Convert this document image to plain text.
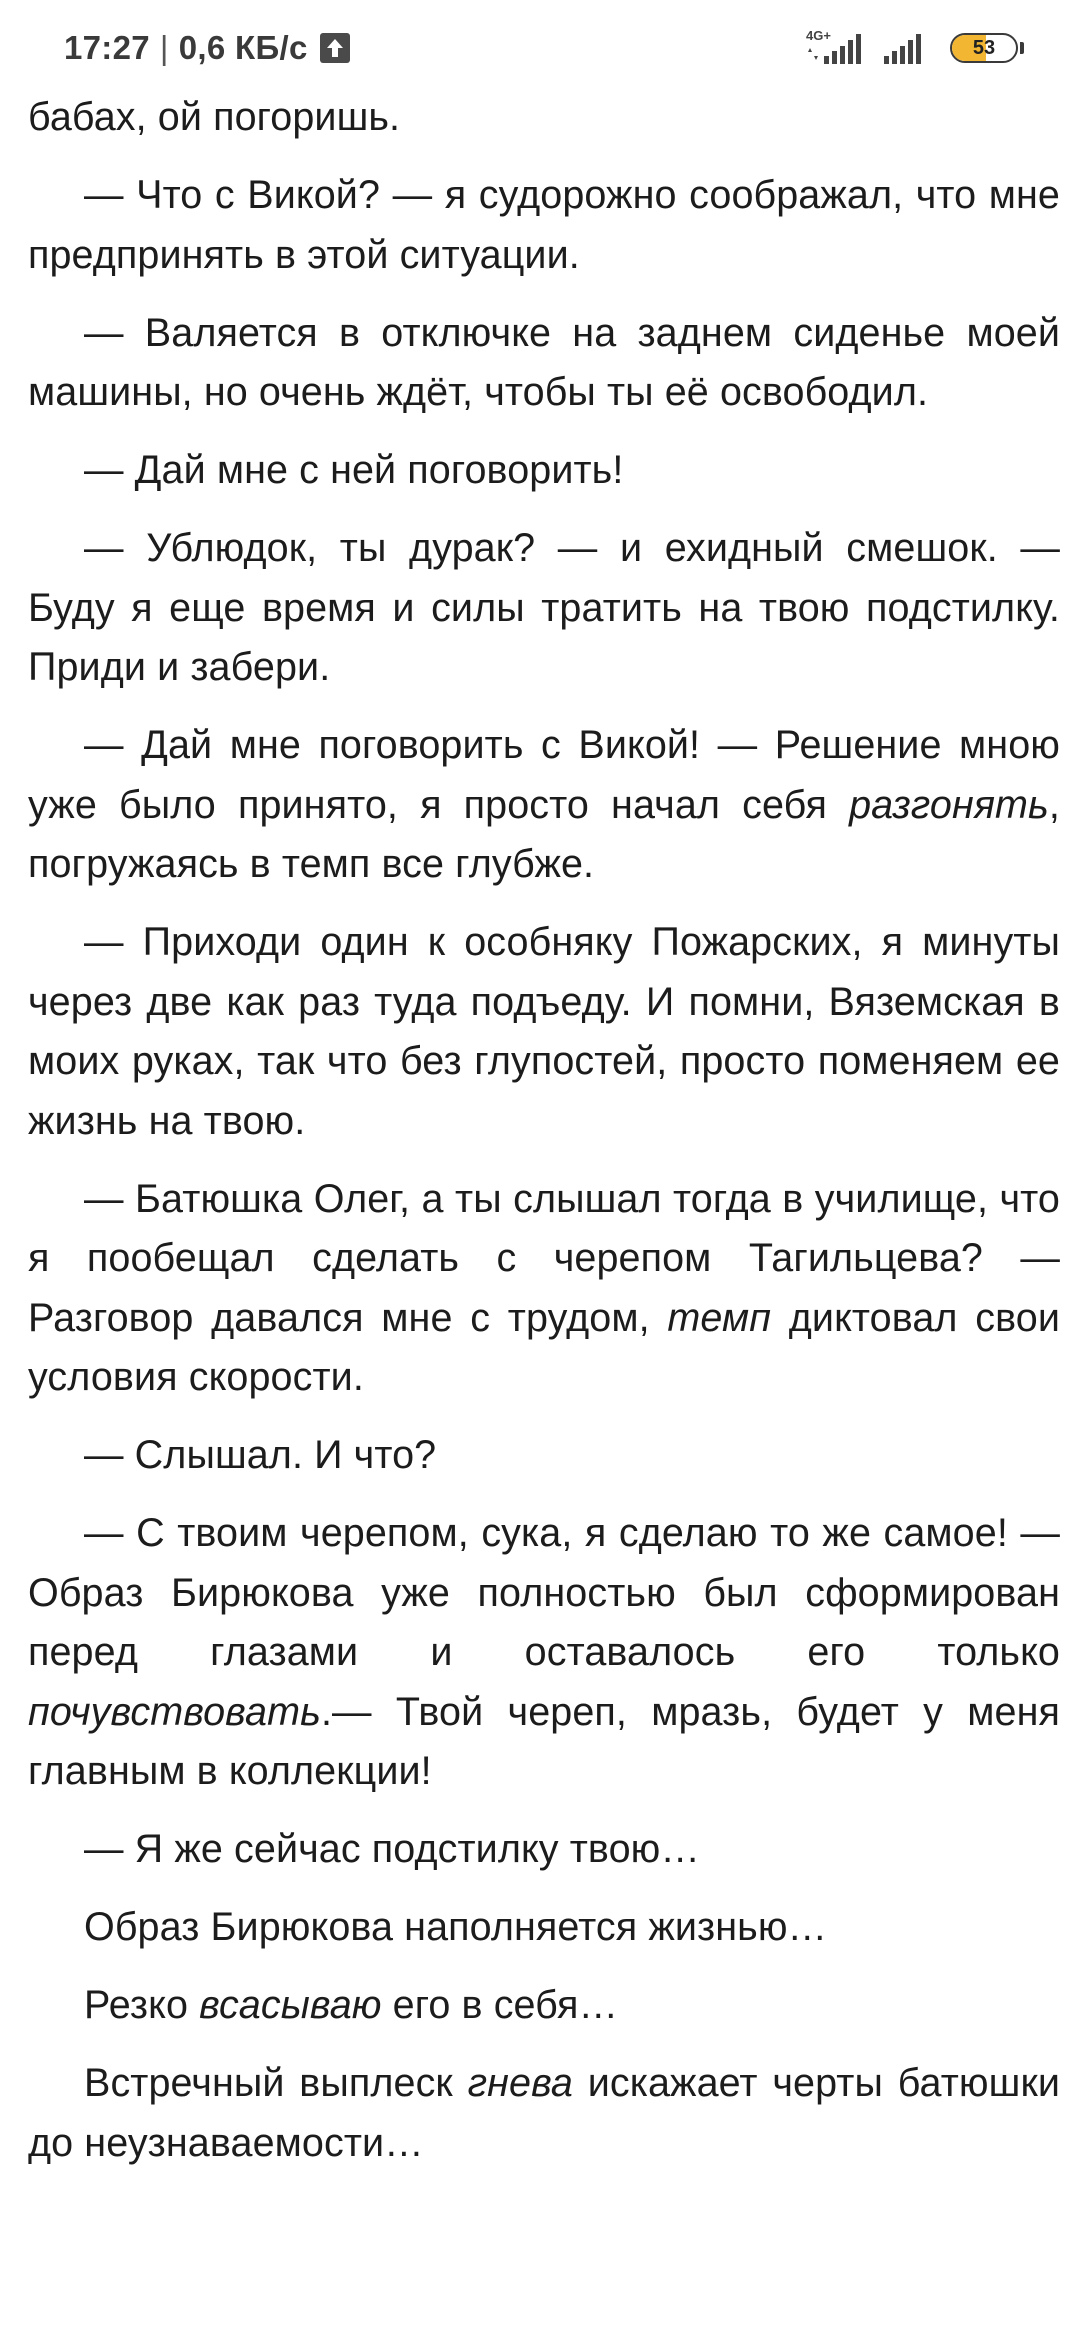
17:27 | 0,6 КБ/с	4G+
53

бабах, ой погоришь.

— Что с Викой? — я судорожно соображал, что мне предпринять в этой ситуации.

— Валяется в отключке на заднем сиденье моей машины, но очень ждёт, чтобы ты её освободил.

— Дай мне с ней поговорить!

— Ублюдок, ты дурак? — и ехидный смешок. — Буду я еще время и силы тратить на твою подстилку. Приди и забери.

— Дай мне поговорить с Викой! — Решение мною уже было принято, я просто начал себя разгонять, погружаясь в темп все глубже.

— Приходи один к особняку Пожарских, я минуты через две как раз туда подъеду. И помни, Вяземская в моих руках, так что без глупостей, просто поменяем ее жизнь на твою.

— Батюшка Олег, а ты слышал тогда в училище, что я пообещал сделать с черепом Тагильцева? — Разговор давался мне с трудом, темп диктовал свои условия скорости.

— Слышал. И что?

— С твоим черепом, сука, я сделаю то же самое! — Образ Бирюкова уже полностью был сформирован перед глазами и оставалось его только почувствовать.— Твой череп, мразь, будет у меня главным в коллекции!

— Я же сейчас подстилку твою…

Образ Бирюкова наполняется жизнью…

Резко всасываю его в себя…

Встречный выплеск гнева искажает черты батюшки до неузнаваемости…
